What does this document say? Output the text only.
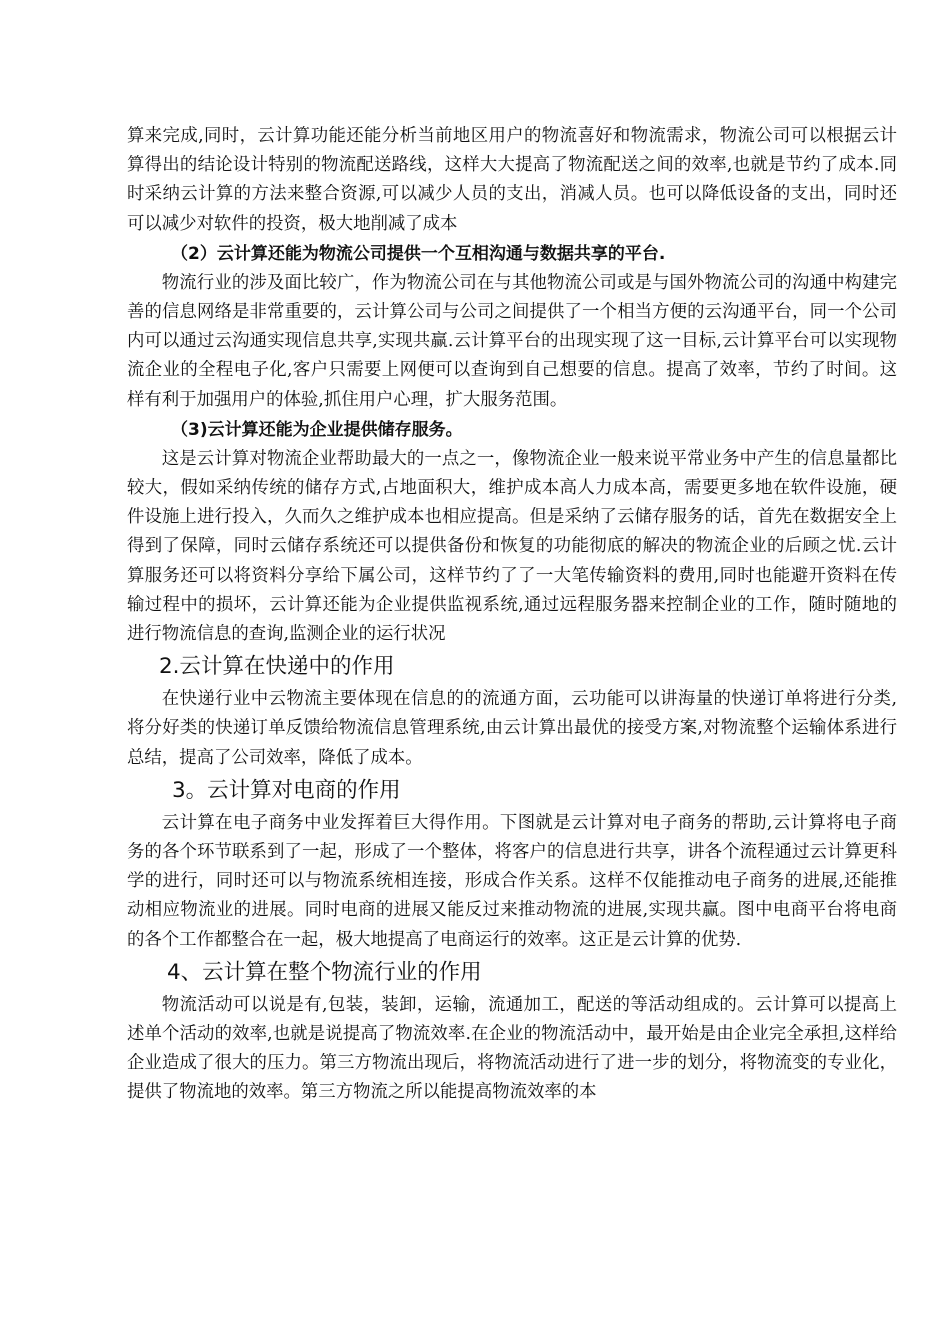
算来完成,同时，云计算功能还能分析当前地区用户的物流喜好和物流需求，物流公司可以根据云计算得出的结论设计特别的物流配送路线，这样大大提高了物流配送之间的效率,也就是节约了成本.同时采纳云计算的方法来整合资源,可以减少人员的支出，消减人员。也可以降低设备的支出，同时还可以减少对软件的投资，极大地削减了成本

（2）云计算还能为物流公司提供一个互相沟通与数据共享的平台.

物流行业的涉及面比较广，作为物流公司在与其他物流公司或是与国外物流公司的沟通中构建完善的信息网络是非常重要的，云计算公司与公司之间提供了一个相当方便的云沟通平台，同一个公司内可以通过云沟通实现信息共享,实现共赢.云计算平台的出现实现了这一目标,云计算平台可以实现物流企业的全程电子化,客户只需要上网便可以查询到自己想要的信息。提高了效率，节约了时间。这样有利于加强用户的体验,抓住用户心理，扩大服务范围。

（3)云计算还能为企业提供储存服务。

这是云计算对物流企业帮助最大的一点之一，像物流企业一般来说平常业务中产生的信息量都比较大，假如采纳传统的储存方式,占地面积大，维护成本高人力成本高，需要更多地在软件设施，硬件设施上进行投入，久而久之维护成本也相应提高。但是采纳了云储存服务的话，首先在数据安全上得到了保障，同时云储存系统还可以提供备份和恢复的功能彻底的解决的物流企业的后顾之忧.云计算服务还可以将资料分享给下属公司，这样节约了了一大笔传输资料的费用,同时也能避开资料在传输过程中的损坏，云计算还能为企业提供监视系统,通过远程服务器来控制企业的工作，随时随地的进行物流信息的查询,监测企业的运行状况

2.云计算在快递中的作用

在快递行业中云物流主要体现在信息的的流通方面，云功能可以讲海量的快递订单将进行分类,将分好类的快递订单反馈给物流信息管理系统,由云计算出最优的接受方案,对物流整个运输体系进行总结，提高了公司效率，降低了成本。

3。云计算对电商的作用

云计算在电子商务中业发挥着巨大得作用。下图就是云计算对电子商务的帮助,云计算将电子商务的各个环节联系到了一起，形成了一个整体，将客户的信息进行共享，讲各个流程通过云计算更科学的进行，同时还可以与物流系统相连接，形成合作关系。这样不仅能推动电子商务的进展,还能推动相应物流业的进展。同时电商的进展又能反过来推动物流的进展,实现共赢。图中电商平台将电商的各个工作都整合在一起，极大地提高了电商运行的效率。这正是云计算的优势.

4、云计算在整个物流行业的作用

物流活动可以说是有,包装，装卸，运输，流通加工，配送的等活动组成的。云计算可以提高上述单个活动的效率,也就是说提高了物流效率.在企业的物流活动中，最开始是由企业完全承担,这样给企业造成了很大的压力。第三方物流出现后，将物流活动进行了进一步的划分，将物流变的专业化，提供了物流地的效率。第三方物流之所以能提高物流效率的本
